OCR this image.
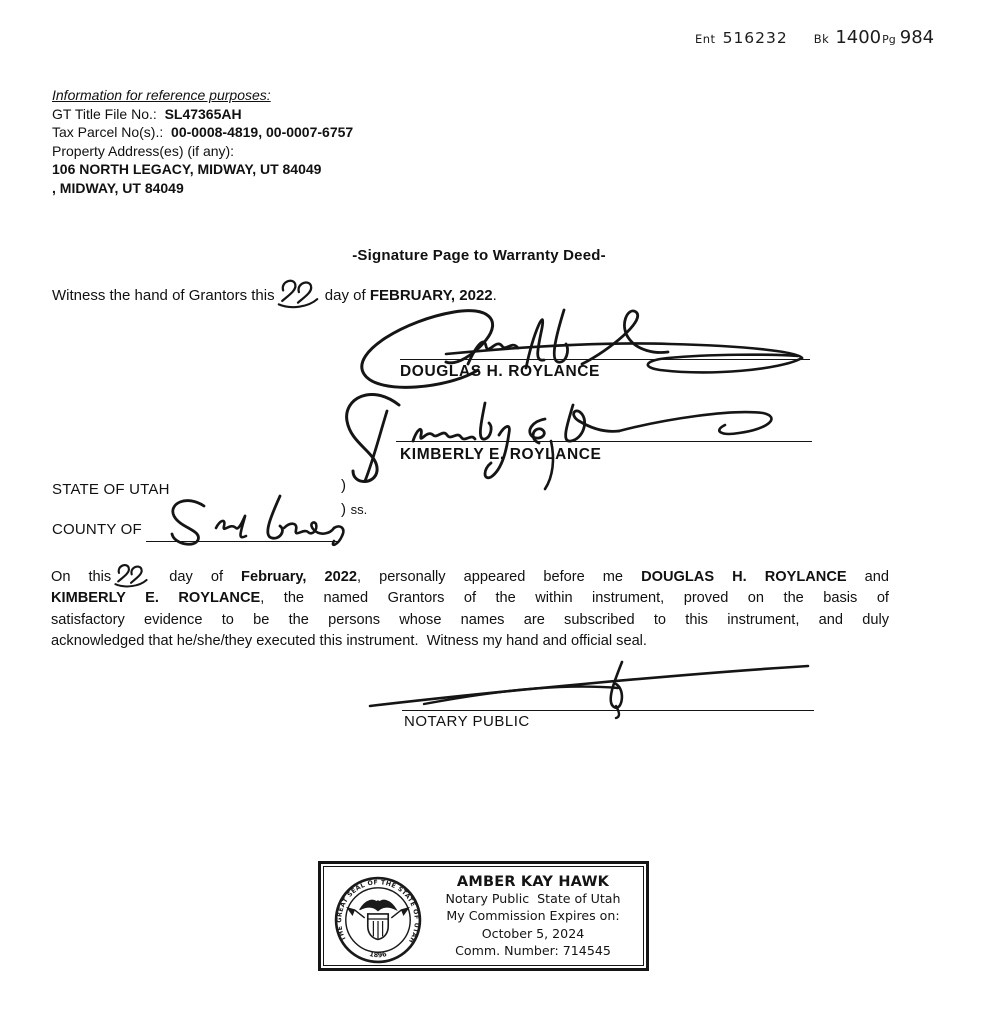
Ent 516232 Bk 1400 Pg 984
Information for reference purposes:
GT Title File No.: SL47365AH
Tax Parcel No(s).: 00-0008-4819, 00-0007-6757
Property Address(es) (if any):
106 NORTH LEGACY, MIDWAY, UT 84049
, MIDWAY, UT 84049
-Signature Page to Warranty Deed-
Witness the hand of Grantors this	day of FEBRUARY, 2022.
DOUGLAS H. ROYLANCE
KIMBERLY E. ROYLANCE
STATE OF UTAH	)
) ss.
COUNTY OF
On this	day of February, 2022, personally appeared before me DOUGLAS H. ROYLANCE and
KIMBERLY E. ROYLANCE, the named Grantors of the within instrument, proved on the basis of
satisfactory evidence to be the persons whose names are subscribed to this instrument, and duly
acknowledged that he/she/they executed this instrument.  Witness my hand and official seal.
NOTARY PUBLIC
THE GREAT SEAL OF THE STATE OF UTAH
1896
AMBER KAY HAWK
Notary Public  State of Utah
My Commission Expires on:
October 5, 2024
Comm. Number: 714545
